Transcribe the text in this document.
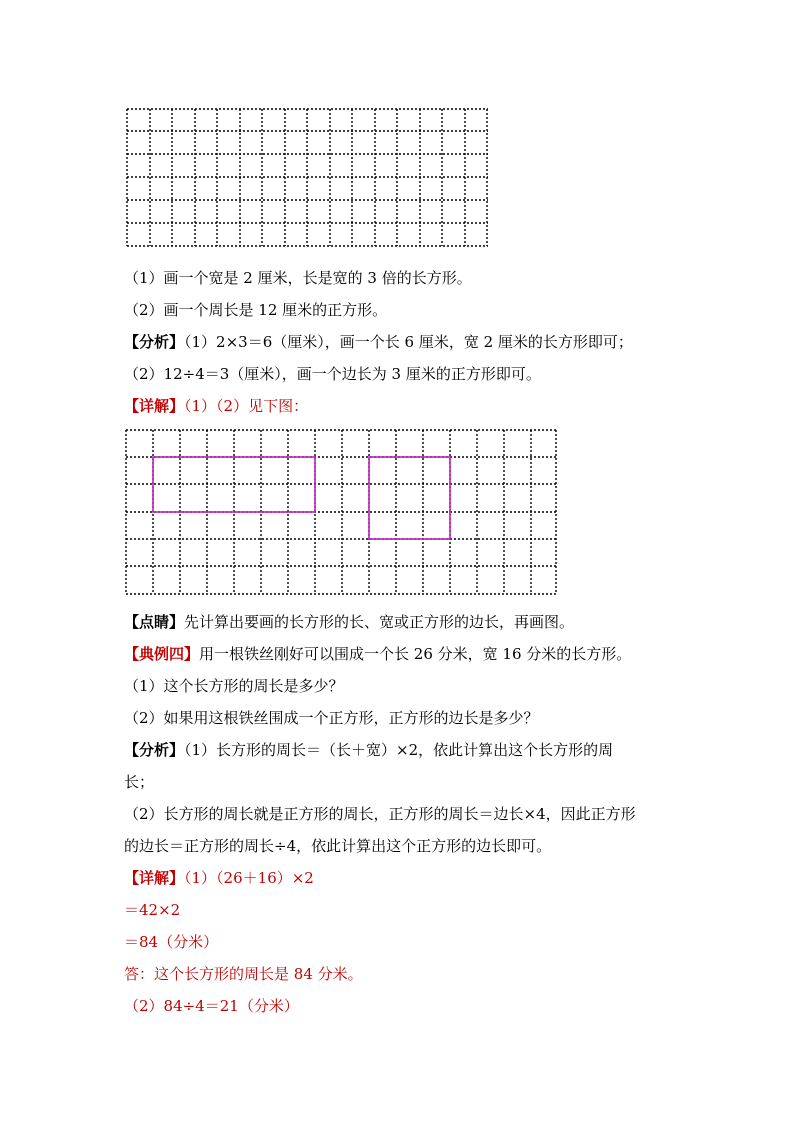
（1）画一个宽是 2 厘米，长是宽的 3 倍的长方形。
（2）画一个周长是 12 厘米的正方形。
【分析】（1）2×3＝6（厘米），画一个长 6 厘米，宽 2 厘米的长方形即可；
（2）12÷4＝3（厘米），画一个边长为 3 厘米的正方形即可。
【详解】（1）（2）见下图：
【点睛】先计算出要画的长方形的长、宽或正方形的边长，再画图。
【典例四】用一根铁丝刚好可以围成一个长 26 分米，宽 16 分米的长方形。
（1）这个长方形的周长是多少？
（2）如果用这根铁丝围成一个正方形，正方形的边长是多少？
【分析】（1）长方形的周长＝（长＋宽）×2，依此计算出这个长方形的周
长；
（2）长方形的周长就是正方形的周长，正方形的周长＝边长×4，因此正方形
的边长＝正方形的周长÷4，依此计算出这个正方形的边长即可。
【详解】（1）（26＋16）×2
＝42×2
＝84（分米）
答：这个长方形的周长是 84 分米。
（2）84÷4＝21（分米）
